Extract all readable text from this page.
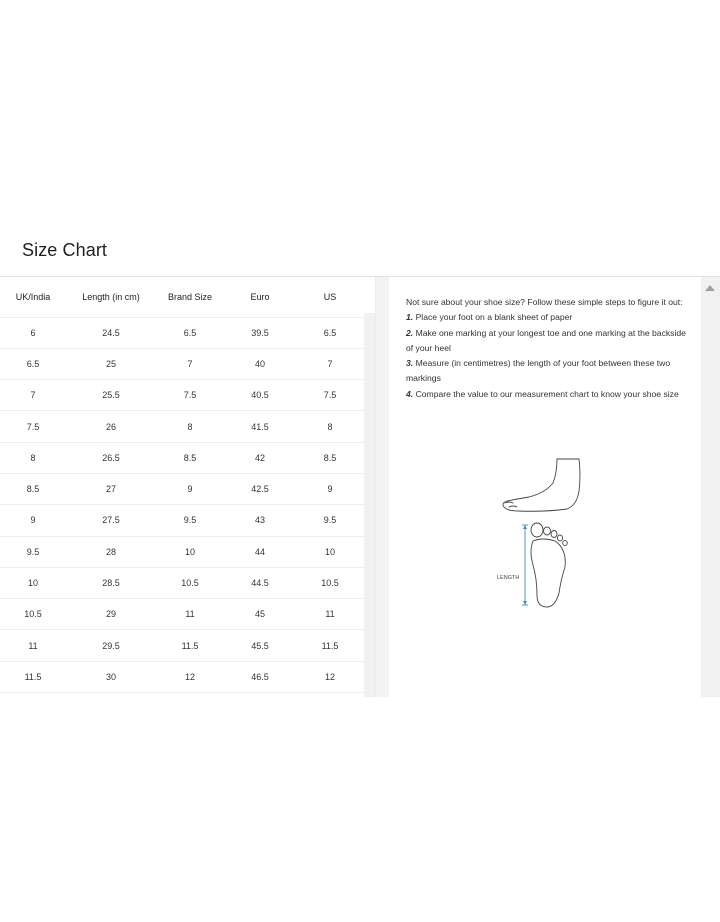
Size Chart
UK/India	Length (in cm)	Brand Size	Euro	US
6	24.5	6.5	39.5	6.5
6.5	25	7	40	7
7	25.5	7.5	40.5	7.5
7.5	26	8	41.5	8
8	26.5	8.5	42	8.5
8.5	27	9	42.5	9
9	27.5	9.5	43	9.5
9.5	28	10	44	10
10	28.5	10.5	44.5	10.5
10.5	29	11	45	11
11	29.5	11.5	45.5	11.5
11.5	30	12	46.5	12

Not sure about your shoe size? Follow these simple steps to figure it out:

1. Place your foot on a blank sheet of paper

2. Make one marking at your longest toe and one marking at the backside of your heel

3. Measure (in centimetres) the length of your foot between these two markings

4. Compare the value to our measurement chart to know your shoe size

LENGTH
